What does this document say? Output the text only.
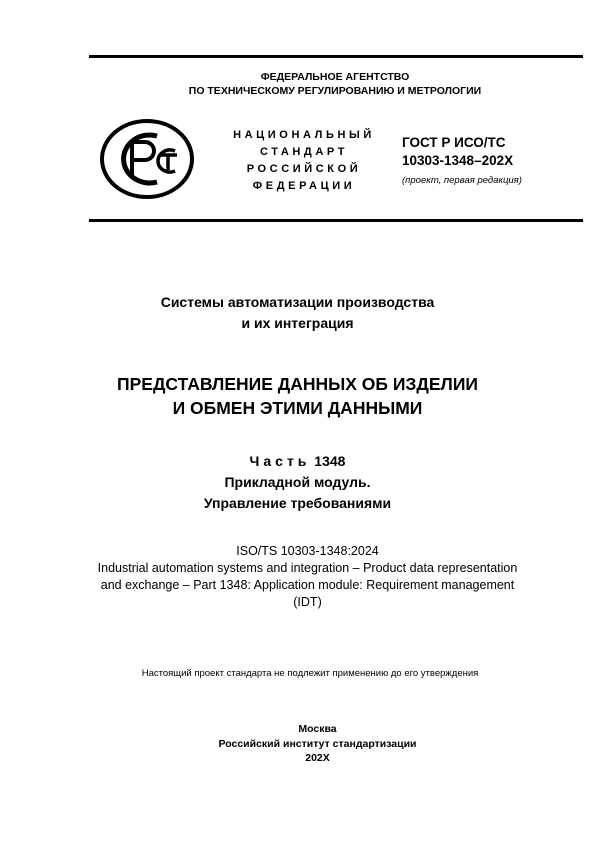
ФЕДЕРАЛЬНОЕ АГЕНТСТВО
ПО ТЕХНИЧЕСКОМУ РЕГУЛИРОВАНИЮ И МЕТРОЛОГИИ
НАЦИОНАЛЬНЫЙ
СТАНДАРТ
РОССИЙСКОЙ
ФЕДЕРАЦИИ
ГОСТ Р ИСО/ТС
10303-1348–202X
(проект, первая редакция)
Системы автоматизации производства
и их интеграция
ПРЕДСТАВЛЕНИЕ ДАННЫХ ОБ ИЗДЕЛИИ
И ОБМЕН ЭТИМИ ДАННЫМИ
Часть 1348
Прикладной модуль.
Управление требованиями
ISO/TS 10303-1348:2024
Industrial automation systems and integration – Product data representation
and exchange – Part 1348: Application module: Requirement management
(IDT)
Настоящий проект стандарта не подлежит применению до его утверждения
Москва
Российский институт стандартизации
202X
